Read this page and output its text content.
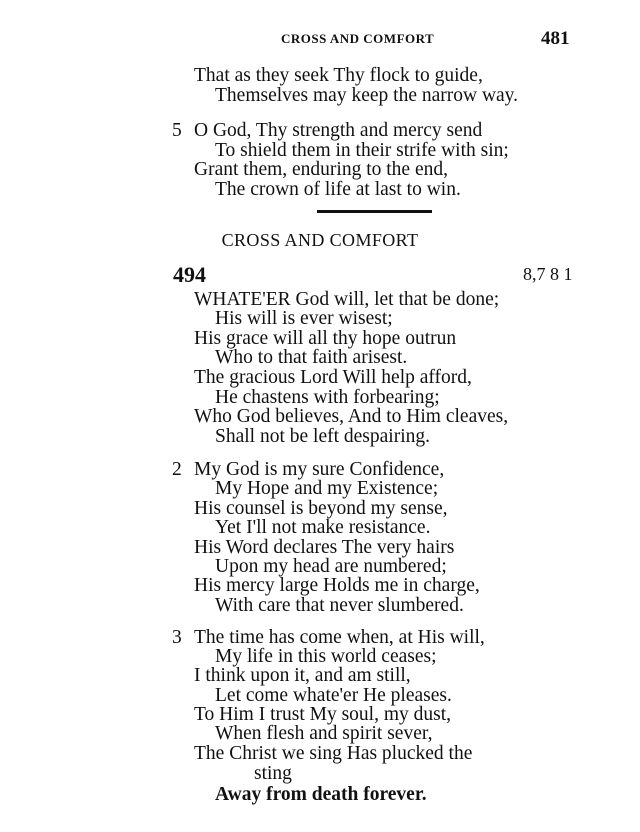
CROSS AND COMFORT	481
That as they seek Thy flock to guide,
Themselves may keep the narrow way.
5 O God, Thy strength and mercy send
To shield them in their strife with sin;
Grant them, enduring to the end,
The crown of life at last to win.
CROSS AND COMFORT
494	8,7 8 1
WHATE'ER God will, let that be done;
His will is ever wisest;
His grace will all thy hope outrun
Who to that faith arisest.
The gracious Lord Will help afford,
He chastens with forbearing;
Who God believes, And to Him cleaves,
Shall not be left despairing.
2 My God is my sure Confidence,
My Hope and my Existence;
His counsel is beyond my sense,
Yet I'll not make resistance.
His Word declares The very hairs
Upon my head are numbered;
His mercy large Holds me in charge,
With care that never slumbered.
3 The time has come when, at His will,
My life in this world ceases;
I think upon it, and am still,
Let come whate'er He pleases.
To Him I trust My soul, my dust,
When flesh and spirit sever,
The Christ we sing Has plucked the
sting
Away from death forever.
